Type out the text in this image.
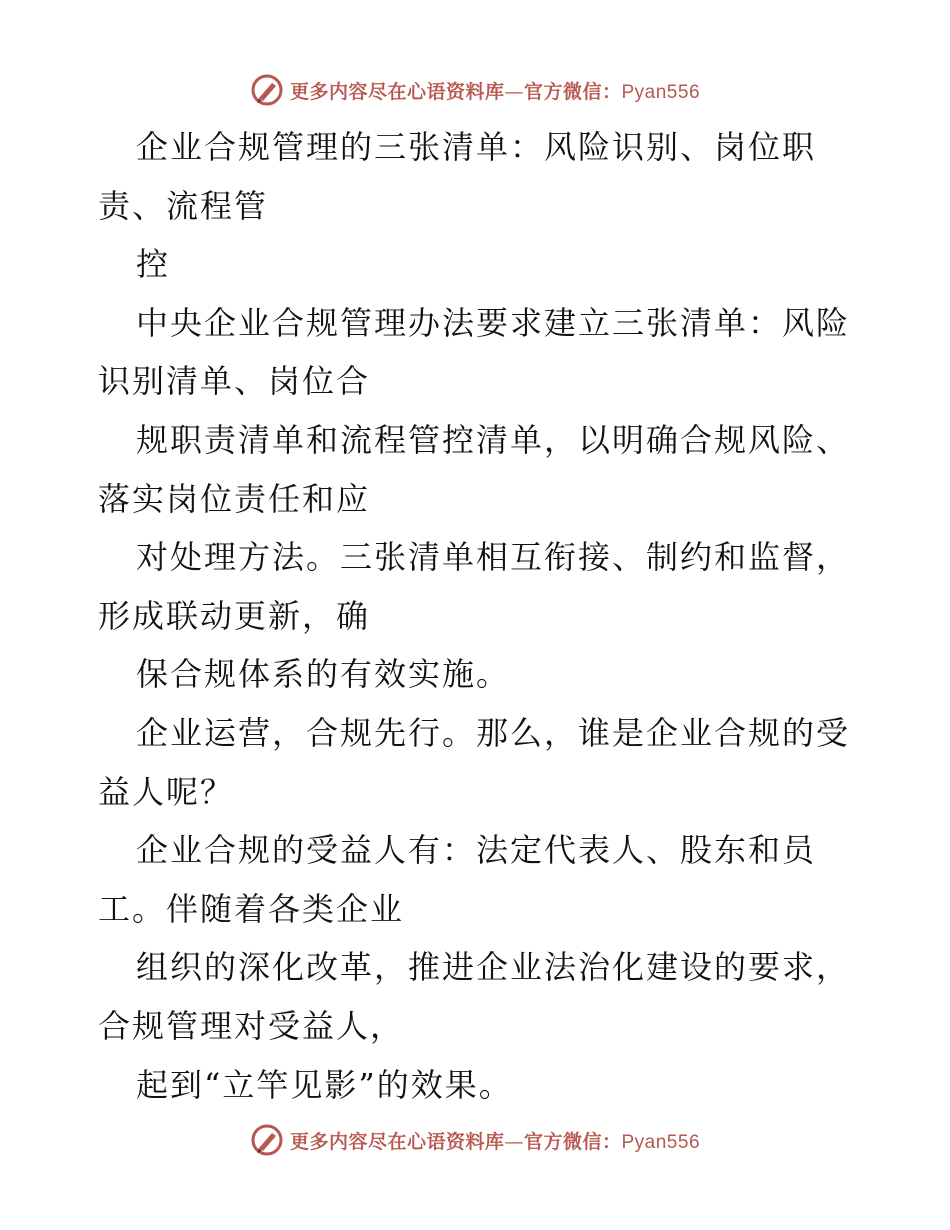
更多内容尽在心语资料库—官方微信：Pyan556
企业合规管理的三张清单：风险识别、岗位职
责、流程管
控
中央企业合规管理办法要求建立三张清单：风险
识别清单、岗位合
规职责清单和流程管控清单，以明确合规风险、
落实岗位责任和应
对处理方法。三张清单相互衔接、制约和监督，
形成联动更新，确
保合规体系的有效实施。
企业运营，合规先行。那么，谁是企业合规的受
益人呢？
企业合规的受益人有：法定代表人、股东和员
工。伴随着各类企业
组织的深化改革，推进企业法治化建设的要求，
合规管理对受益人，
起到“立竿见影”的效果。
更多内容尽在心语资料库—官方微信：Pyan556
